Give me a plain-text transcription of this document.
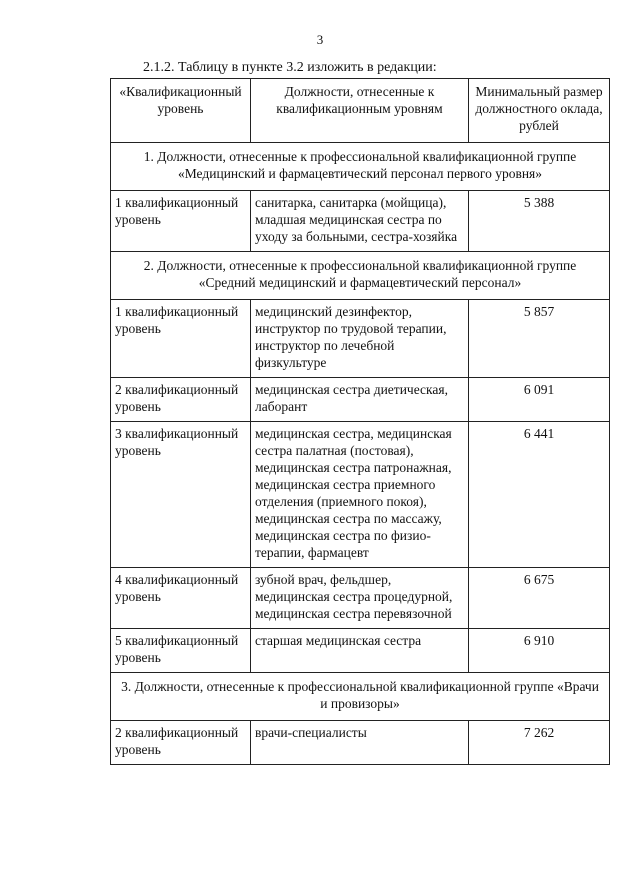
3
2.1.2. Таблицу в пункте 3.2 изложить в редакции:
«Квалификационный уровень	Должности, отнесенные к квалификационным уровням	Минимальный размер должностного оклада, рублей
1. Должности, отнесенные к профессиональной квалификационной группе «Медицинский и фармацевтический персонал первого уровня»		
1 квалификационный уровень	санитарка, санитарка (мойщица), младшая медицинская сестра по уходу за больными, сестра-хозяйка	5 388
2. Должности, отнесенные к профессиональной квалификационной группе «Средний медицинский и фармацевтический персонал»		
1 квалификационный уровень	медицинский дезинфектор, инструктор по трудовой терапии, инструктор по лечебной физкультуре	5 857
2 квалификационный уровень	медицинская сестра диетическая, лаборант	6 091
3 квалификационный уровень	медицинская сестра, медицинская сестра палатная (постовая), медицинская сестра патронажная, медицинская сестра приемного отделения (приемного покоя), медицинская сестра по массажу, медицинская сестра по физио-терапии, фармацевт	6 441
4 квалификационный уровень	зубной врач, фельдшер, медицинская сестра процедурной, медицинская сестра перевязочной	6 675
5 квалификационный уровень	старшая медицинская сестра	6 910
3. Должности, отнесенные к профессиональной квалификационной группе «Врачи и провизоры»		
2 квалификационный уровень	врачи-специалисты	7 262
